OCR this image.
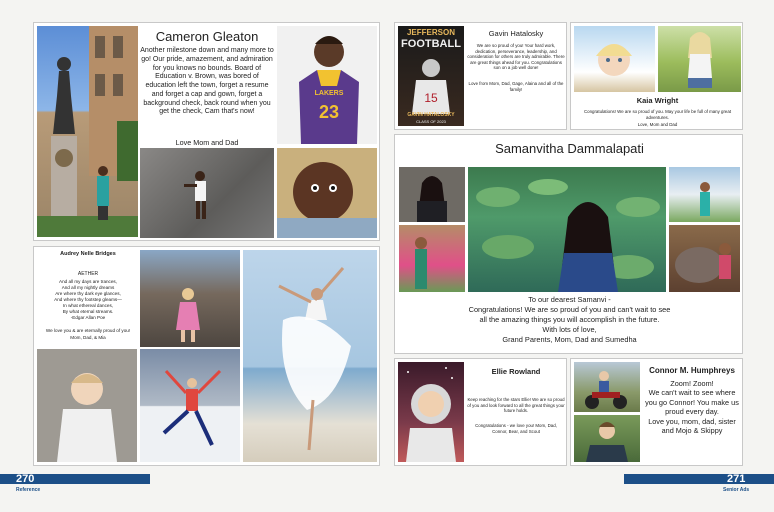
Cameron Gleaton
Another milestone down and many more to go! Our pride, amazement, and admiration for you knows no bounds. Board of Education v. Brown, was bored of education left the town, forget a resume and forget a cap and gown, forget a background check, back round when you get the check, Cam that's now!
Love Mom and Dad
LAKERS
23
Audrey Nelle Bridges
AETHER
And all my days are trances,
And all my nightly dreams
Are where thy dark eye glances,
And where thy footstep gleams—
In what ethereal dances,
By what eternal streams.
-Edgar Allan Poe
We love you & are eternally proud of you!
Mom, Dad, & Mia
270
Reference
JEFFERSON
FOOTBALL
15
GAVIN HATALOSKY
CLASS OF 2023
Gavin Hatalosky
We are so proud of you! Your hard work, dedication, perseverance, leadership, and consideration for others are truly admirable. There are great things ahead for you. Congratulations son on a job well done!
Love from Mom, Dad, Gage, Alaina and all of the family!
Kaia Wright
Congratulations! We are so proud of you. May your life be full of many great adventures.
Love, Mom and Dad
Samanvitha Dammalapati
To our dearest Samanvi -
Congratulations! We are so proud of you and can't wait to see
all the amazing things you will accomplish in the future.
With lots of love,
Grand Parents, Mom, Dad and Sumedha
Ellie Rowland
Keep reaching for the stars Ellie! We are so proud of you and look forward to all the great things your future holds.
Congratulations - we love you! Mom, Dad, Connor, Bear, and Scout
Connor M. Humphreys
Zoom! Zoom!
We can't wait to see where
you go Connor! You make us
proud every day.
Love you, mom, dad, sister
and Mojo & Skippy
271
Senior Ads
